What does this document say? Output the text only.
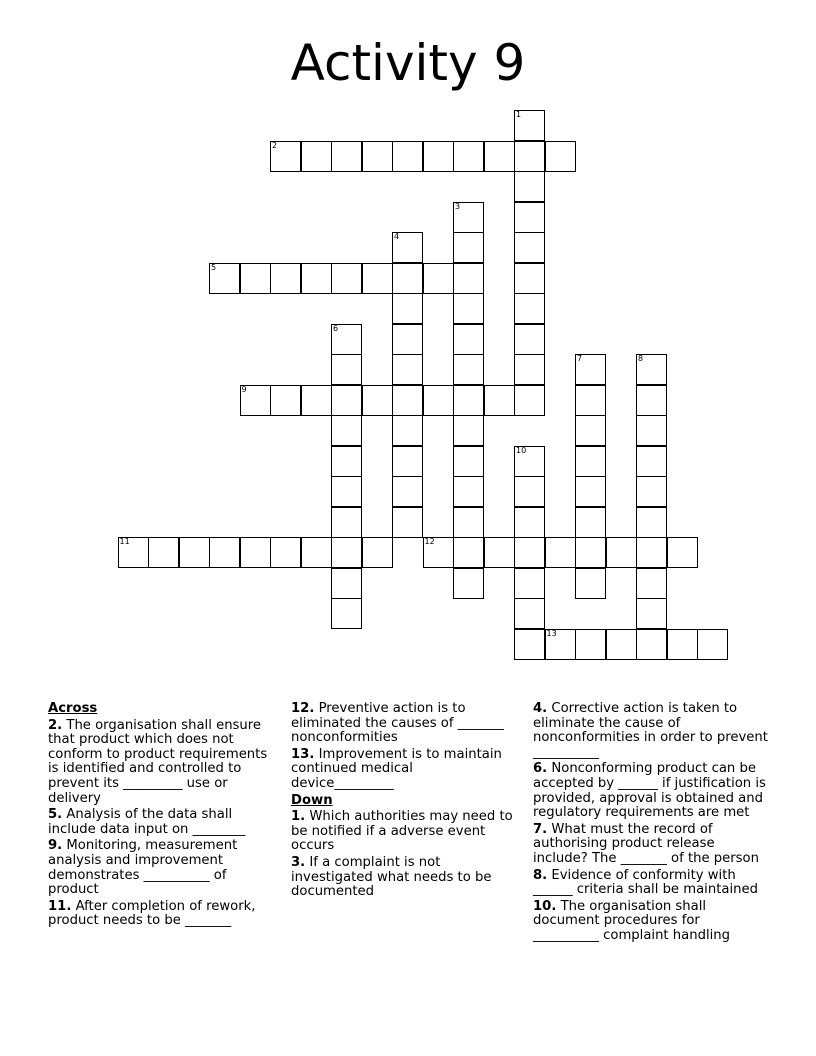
Activity 9
1
2
3
4
5
6
7	8
9
10
11	12
13
Across
2. The organisation shall ensure that product which does not conform to product requirements is identified and controlled to prevent its _________ use or delivery
5. Analysis of the data shall include data input on ________
9. Monitoring, measurement analysis and improvement demonstrates __________ of product
11. After completion of rework, product needs to be _______
12. Preventive action is to eliminated the causes of _______ nonconformities
13. Improvement is to maintain continued medical device_________
Down
1. Which authorities may need to be notified if a adverse event occurs
3. If a complaint is not investigated what needs to be documented
4. Corrective action is taken to eliminate the cause of nonconformities in order to prevent __________
6. Nonconforming product can be accepted by ______ if justification is provided, approval is obtained and regulatory requirements are met
7. What must the record of authorising product release include? The _______ of the person
8. Evidence of conformity with ______ criteria shall be maintained
10. The organisation shall document procedures for __________ complaint handling
